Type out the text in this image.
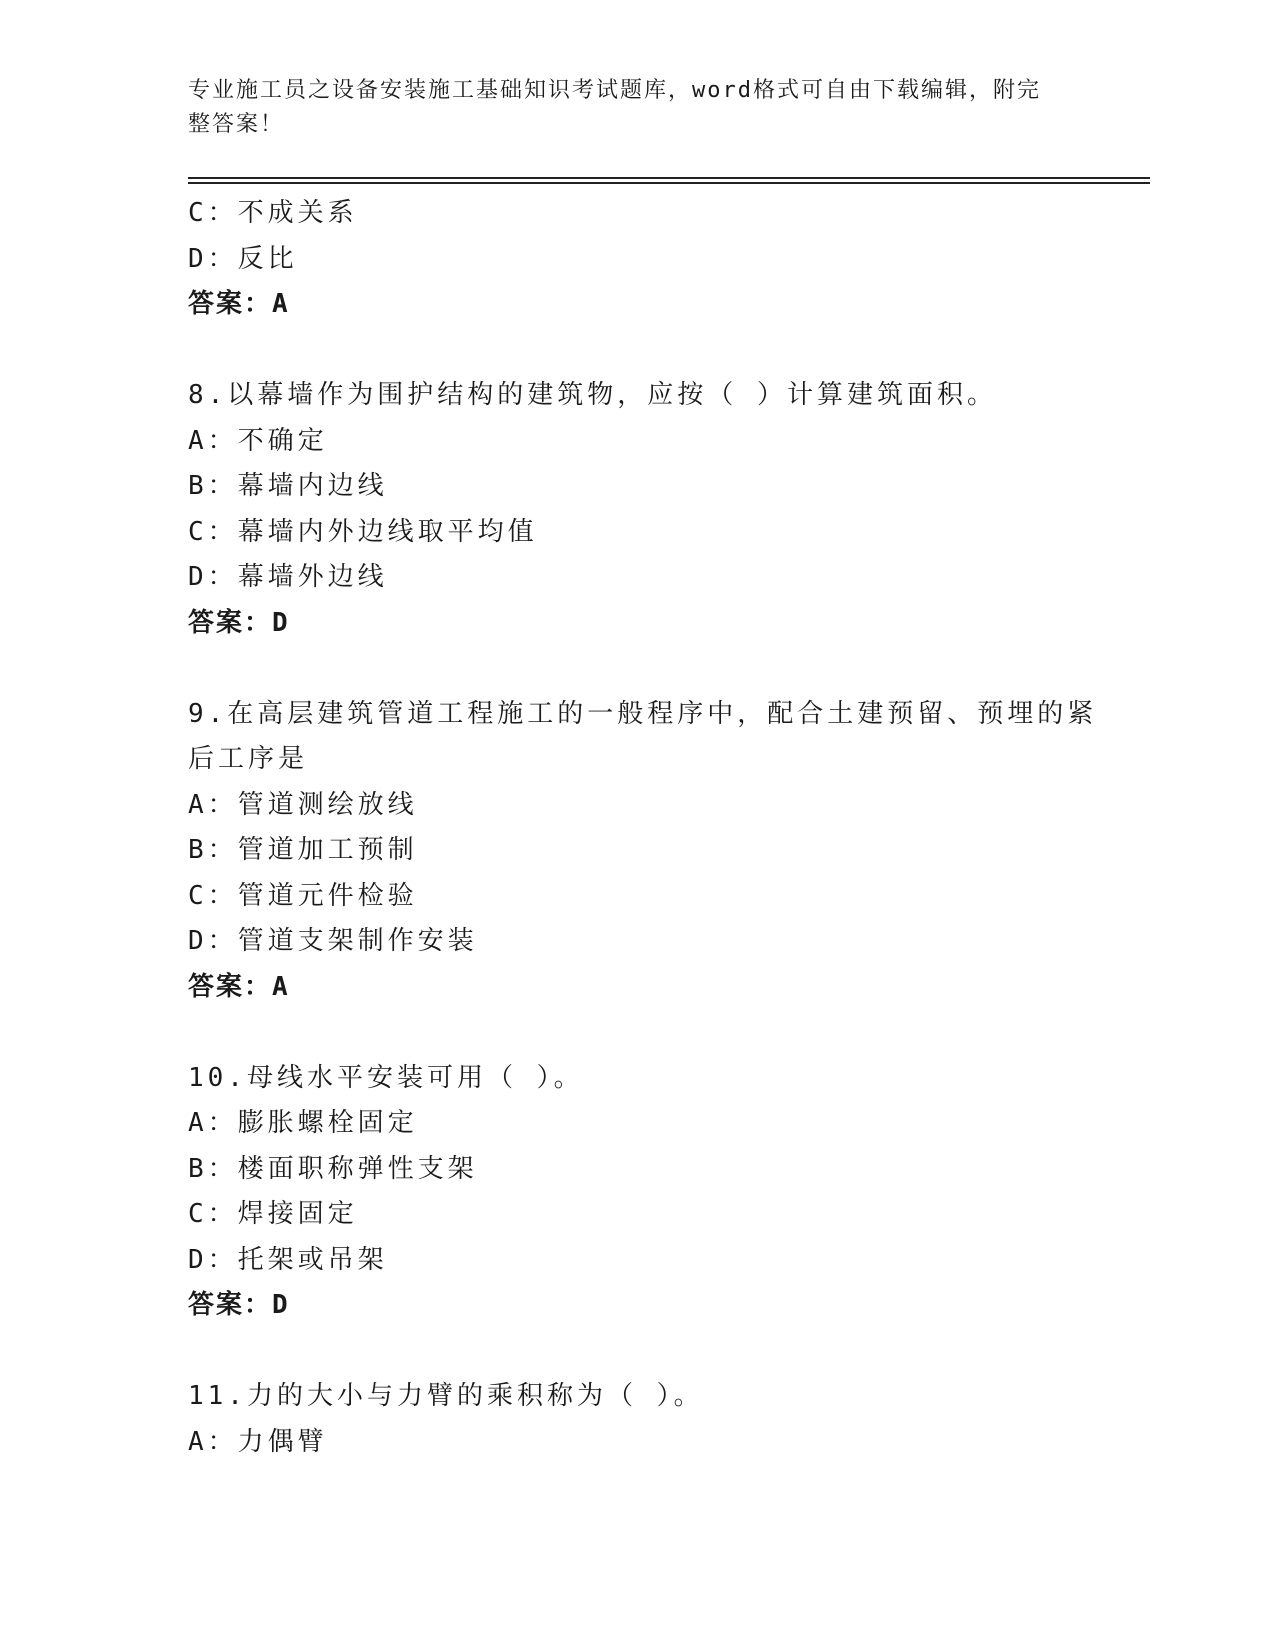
专业施工员之设备安装施工基础知识考试题库，word格式可自由下载编辑，附完
整答案！
C：不成关系
D：反比
答案：A
8.以幕墙作为围护结构的建筑物，应按（ ）计算建筑面积。
A：不确定
B：幕墙内边线
C：幕墙内外边线取平均值
D：幕墙外边线
答案：D
9.在高层建筑管道工程施工的一般程序中，配合土建预留、预埋的紧
后工序是
A：管道测绘放线
B：管道加工预制
C：管道元件检验
D：管道支架制作安装
答案：A
10.母线水平安装可用（ ）。
A：膨胀螺栓固定
B：楼面职称弹性支架
C：焊接固定
D：托架或吊架
答案：D
11.力的大小与力臂的乘积称为（ ）。
A：力偶臂
